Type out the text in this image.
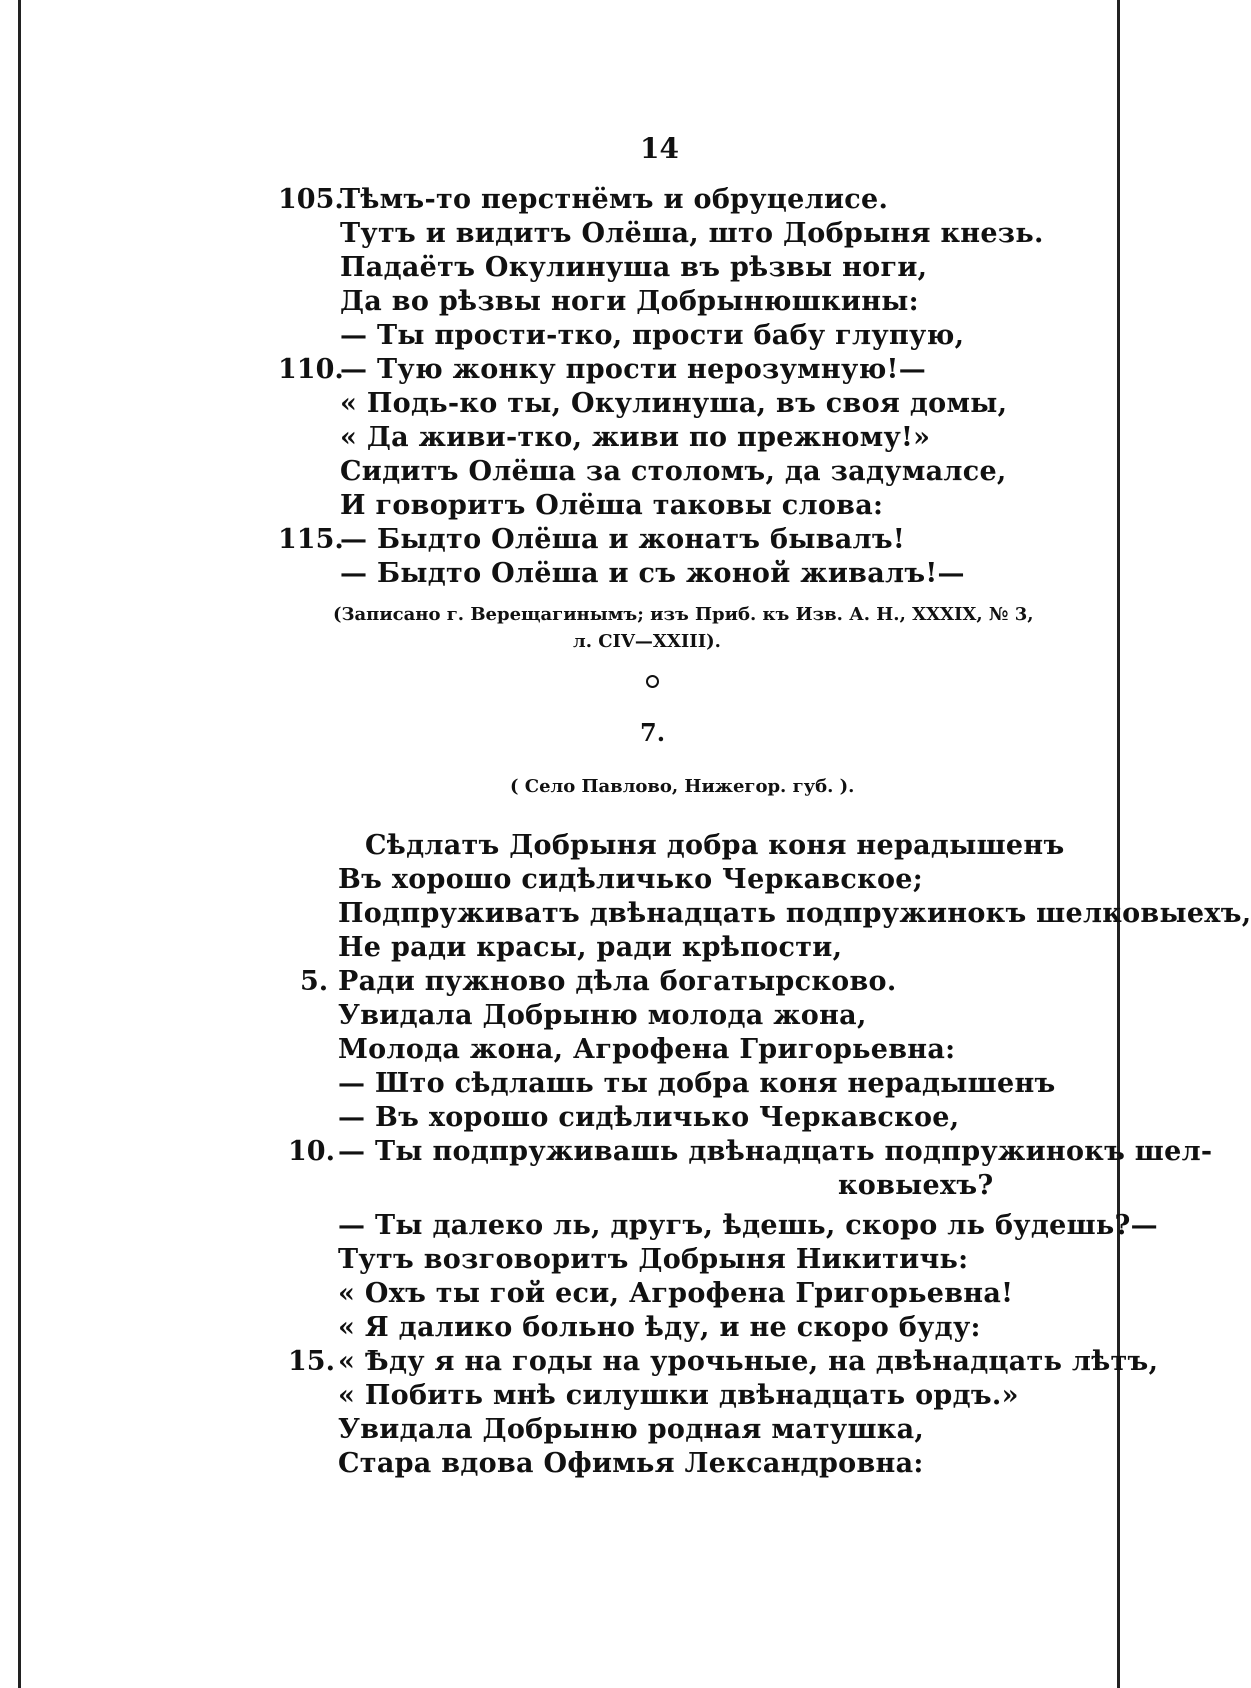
14
105.
Тѣмъ-то перстнёмъ и обруцелисе.
Тутъ и видитъ Олёша, што Добрыня кнезь.
Падаётъ Окулинуша въ рѣзвы ноги,
Да во рѣзвы ноги Добрынюшкины:
— Ты прости-тко, прости бабу глупую,
110.
— Тую жонку прости нерозумную!—
« Подь-ко ты, Окулинуша, въ своя домы,
« Да живи-тко, живи по прежному!»
Сидитъ Олёша за столомъ, да задумалсе,
И говоритъ Олёша таковы слова:
115.
— Быдто Олёша и жонатъ бывалъ!
— Быдто Олёша и съ жоной живалъ!—
(Записано г. Верещагинымъ; изъ Приб. къ Изв. А. Н., XXXIX, № 3,
л. CIV—XXIII).
7.
( Село Павлово, Нижегор. губ. ).
Сѣдлатъ Добрыня добра коня нерадышенъ
Въ хорошо сидѣличько Черкавское;
Подпруживатъ двѣнадцать подпружинокъ шелковыехъ,
Не ради красы, ради крѣпости,
5. Ради пужново дѣла богатырсково.
Увидала Добрыню молода жона,
Молода жона, Агрофена Григорьевна:
— Што сѣдлашь ты добра коня нерадышенъ
— Въ хорошо сидѣличько Черкавское,
10. — Ты подпруживашь двѣнадцать подпружинокъ шел-
ковыехъ?
— Ты далеко ль, другъ, ѣдешь, скоро ль будешь?—
Тутъ возговоритъ Добрыня Никитичь:
« Охъ ты гой еси, Агрофена Григорьевна!
« Я далико больно ѣду, и не скоро буду:
15. « Ѣду я на годы на урочьные, на двѣнадцать лѣтъ,
« Побить мнѣ силушки двѣнадцать ордъ.»
Увидала Добрыню родная матушка,
Стара вдова Офимья Лександровна:
